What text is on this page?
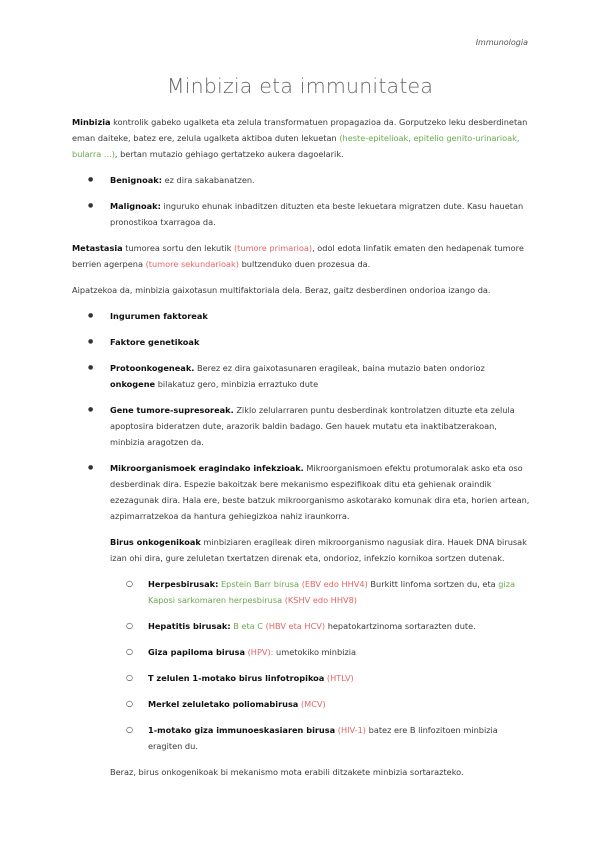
Immunologia
Minbizia eta immunitatea

Minbizia kontrolik gabeko ugalketa eta zelula transformatuen propagazioa da. Gorputzeko leku desberdinetan eman daiteke, batez ere, zelula ugalketa aktiboa duten lekuetan (heste-epitelioak, epitelio genito-urinarioak, bularra ...), bertan mutazio gehiago gertatzeko aukera dagoelarik.

● Benignoak: ez dira sakabanatzen.
● Malignoak: inguruko ehunak inbaditzen dituzten eta beste lekuetara migratzen dute. Kasu hauetan pronostikoa txarragoa da.

Metastasia tumorea sortu den lekutik (tumore primarioa), odol edota linfatik ematen den hedapenak tumore berrien agerpena (tumore sekundarioak) bultzenduko duen prozesua da.

Aipatzekoa da, minbizia gaixotasun multifaktoriala dela. Beraz, gaitz desberdinen ondorioa izango da.

● Ingurumen faktoreak
● Faktore genetikoak
● Protoonkogeneak. Berez ez dira gaixotasunaren eragileak, baina mutazio baten ondorioz onkogene bilakatuz gero, minbizia erraztuko dute
● Gene tumore-supresoreak. Ziklo zelularraren puntu desberdinak kontrolatzen dituzte eta zelula apoptosira bideratzen dute, arazorik baldin badago. Gen hauek mutatu eta inaktibatzerakoan, minbizia aragotzen da.
● Mikroorganismoek eragindako infekzioak. Mikroorganismoen efektu protumoralak asko eta oso desberdinak dira. Espezie bakoitzak bere mekanismo espezifikoak ditu eta gehienak oraindik ezezagunak dira. Hala ere, beste batzuk mikroorganismo askotarako komunak dira eta, horien artean, azpimarratzekoa da hantura gehiegizkoa nahiz iraunkorra.

Birus onkogenikoak minbiziaren eragileak diren mikroorganismo nagusiak dira. Hauek DNA birusak izan ohi dira, gure zeluletan txertatzen direnak eta, ondorioz, infekzio kornikoa sortzen dutenak.

○ Herpesbirusak: Epstein Barr birusa (EBV edo HHV4) Burkitt linfoma sortzen du, eta giza Kaposi sarkomaren herpesbirusa (KSHV edo HHV8)
○ Hepatitis birusak: B eta C (HBV eta HCV) hepatokartzinoma sortarazten dute.
○ Giza papiloma birusa (HPV): umetokiko minbizia
○ T zelulen 1-motako birus linfotropikoa (HTLV)
○ Merkel zeluletako poliomabirusa (MCV)
○ 1-motako giza immunoeskasiaren birusa (HIV-1) batez ere B linfozitoen minbizia eragiten du.

Beraz, birus onkogenikoak bi mekanismo mota erabili ditzakete minbizia sortarazteko.
